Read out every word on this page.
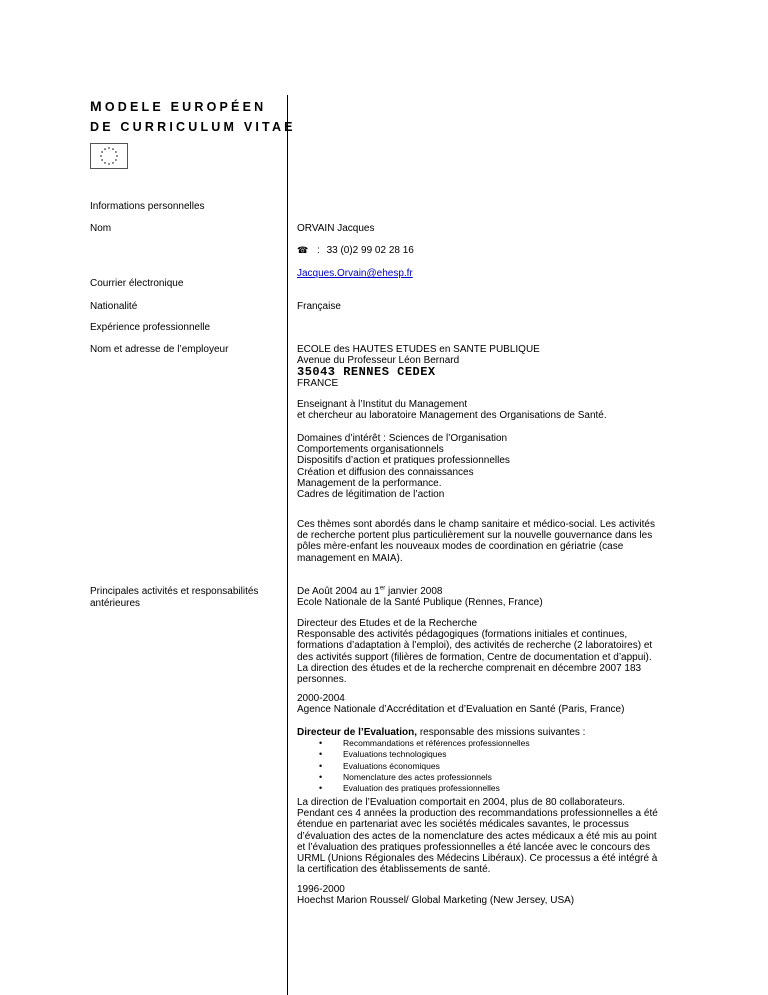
MODELE EUROPÉEN
DE CURRICULUM VITAE
Informations personnelles
Nom
Courrier électronique
Nationalité
Expérience professionnelle
Nom et adresse de l’employeur
Principales activités et responsabilités
antérieures
ORVAIN Jacques
☎ : 33 (0)2 99 02 28 16
Jacques.Orvain@ehesp.fr
Française

ECOLE des HAUTES ETUDES en SANTE PUBLIQUE

Avenue du Professeur Léon Bernard

35043 RENNES CEDEX

FRANCE

Enseignant à l’Institut du Management

et chercheur au laboratoire Management des Organisations de Santé.

Domaines d’intérêt : Sciences de l’Organisation

Comportements organisationnels

Dispositifs d’action et pratiques professionnelles

Création et diffusion des connaissances

Management de la performance.

Cadres de légitimation de l’action

Ces thèmes sont abordés dans le champ sanitaire et médico-social. Les activités

de recherche portent plus particulièrement sur la nouvelle gouvernance dans les

pôles mère-enfant les nouveaux modes de coordination en gériatrie (case

management en MAIA).

De Août 2004 au 1er janvier 2008

Ecole Nationale de la Santé Publique (Rennes, France)

Directeur des Etudes et de la Recherche

Responsable des activités pédagogiques (formations initiales et continues,

formations d’adaptation à l’emploi), des activités de recherche (2 laboratoires) et

des activités support (filières de formation, Centre de documentation et d’appui).

La direction des études et de la recherche comprenait en décembre 2007 183

personnes.

2000-2004

Agence Nationale d’Accréditation et d’Evaluation en Santé (Paris, France)

Directeur de l’Evaluation, responsable des missions suivantes :

• Recommandations et références professionnelles
• Evaluations technologiques
• Evaluations économiques
• Nomenclature des actes professionnels
• Evaluation des pratiques professionnelles

La direction de l’Evaluation comportait en 2004, plus de 80 collaborateurs.

Pendant ces 4 années la production des recommandations professionnelles a été

étendue en partenariat avec les sociétés médicales savantes, le processus

d’évaluation des actes de la nomenclature des actes médicaux a été mis au point

et l’évaluation des pratiques professionnelles a été lancée avec le concours des

URML (Unions Régionales des Médecins Libéraux). Ce processus a été intégré à

la certification des établissements de santé.

1996-2000

Hoechst Marion Roussel/ Global Marketing (New Jersey, USA)
